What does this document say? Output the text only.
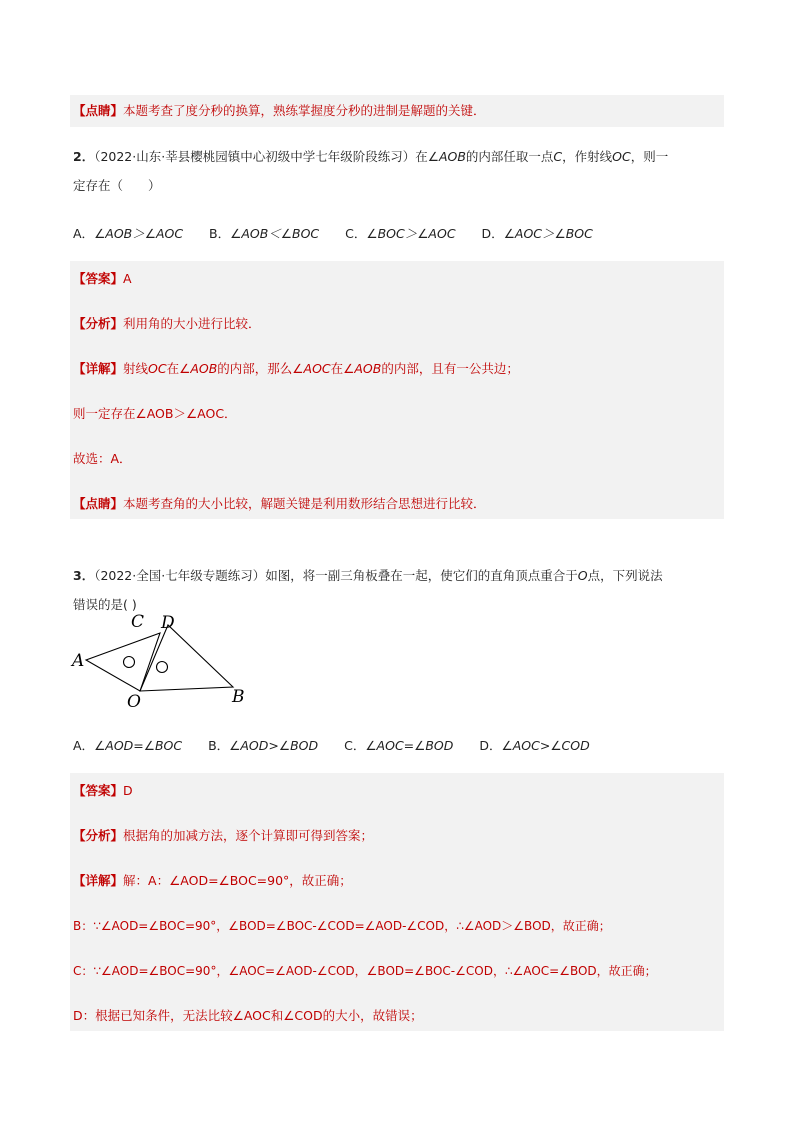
【点睛】本题考查了度分秒的换算，熟练掌握度分秒的进制是解题的关键．
2．（2022·山东·莘县樱桃园镇中心初级中学七年级阶段练习）在∠AOB的内部任取一点C，作射线OC，则一
定存在（　　）
A．∠AOB＞∠AOC B．∠AOB＜∠BOC C．∠BOC＞∠AOC D．∠AOC＞∠BOC
【答案】A
【分析】利用角的大小进行比较．
【详解】射线OC在∠AOB的内部，那么∠AOC在∠AOB的内部，且有一公共边；
则一定存在∠AOB＞∠AOC．
故选：A．
【点睛】本题考查角的大小比较，解题关键是利用数形结合思想进行比较．
3．（2022·全国·七年级专题练习）如图，将一副三角板叠在一起，使它们的直角顶点重合于O点，下列说法
错误的是( )
A
C D
O	B
A．∠AOD=∠BOC B．∠AOD>∠BOD C．∠AOC=∠BOD D．∠AOC>∠COD
【答案】D
【分析】根据角的加减方法，逐个计算即可得到答案；
【详解】解：A：∠AOD=∠BOC=90°，故正确；
B：∵∠AOD=∠BOC=90°，∠BOD=∠BOC-∠COD=∠AOD-∠COD，∴∠AOD＞∠BOD，故正确；
C：∵∠AOD=∠BOC=90°，∠AOC=∠AOD-∠COD，∠BOD=∠BOC-∠COD，∴∠AOC=∠BOD，故正确；
D：根据已知条件，无法比较∠AOC和∠COD的大小，故错误；
